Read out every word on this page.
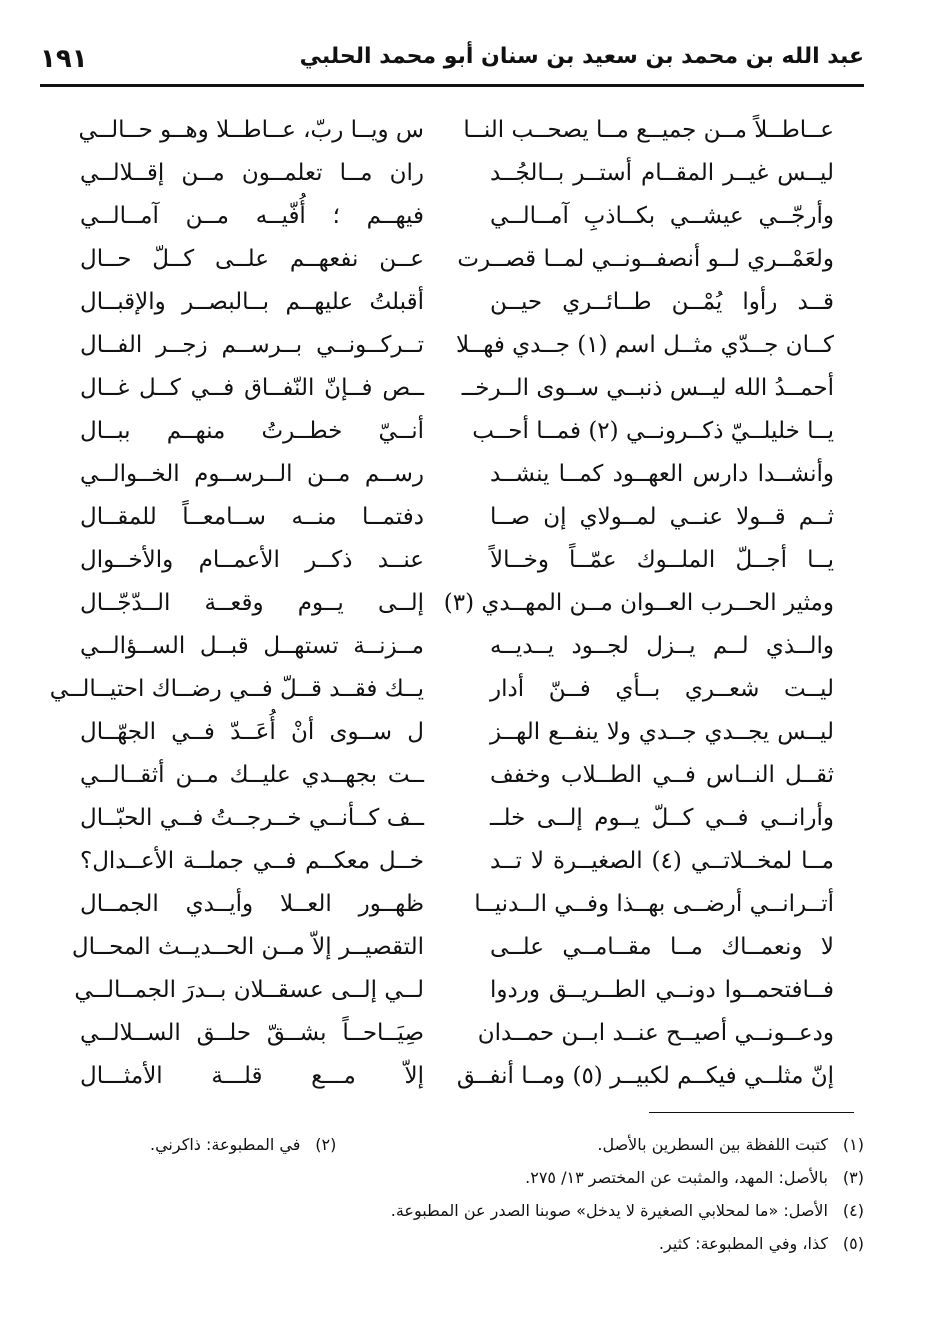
١٩١	عبد الله بن محمد بن سعيد بن سنان أبو محمد الحلبي
عــاطــلاً مــن جميــع مــا يصحــب النــا
س ويــا ربّ، عــاطــلا وهــو حــالــي
ليــس غيــر المقــام أستــر بــالجُــد
ران مــا تعلمــون مــن إقــلالــي
وأرجّــي عيشــي بكــاذبِ آمــالــي
فيهــم ؛ أُفّيــه مــن آمــالــي
ولعَمْــري لــو أنصفــونــي لمــا قصــرت
عــن نفعهــم علــى كــلّ حــال
قــد رأوا يُمْــن طــائــري حيــن
أقبلتُ عليهــم بــالبصــر والإقبــال
كــان جــدّي مثــل اسم (١) جــدي فهــلا
تــركــونــي بــرســم زجــر الفــال
أحمــدُ الله ليــس ذنبــي ســوى الــرخــ
ــص فــإنّ النّفــاق فــي كــل غــال
يــا خليلــيّ ذكــرونــي (٢) فمــا أحــب
أنــيّ خطــرتُ منهــم ببــال
وأنشــدا دارس العهــود كمــا ينشــد
رســم مــن الــرســوم الخــوالــي
ثــم قــولا عنــي لمــولاي إن صــا
دفتمــا منــه ســامعــاً للمقــال
يــا أجــلّ الملــوك عمّــاً وخــالاً
عنــد ذكــر الأعمــام والأخــوال
ومثير الحــرب العــوان مــن المهــدي (٣)
إلــى يــوم وقعــة الــدّجّــال
والــذي لــم يــزل لجــود يــديــه
مــزنــة تستهــل قبــل الســؤالــي
ليــت شعــري بــأي فــنّ أدار
يــك فقــد قــلّ فــي رضــاك احتيــالــي
ليــس يجــدي جــدي ولا ينفــع الهــز
ل ســوى أنْ أُعَــدّ فــي الجهّــال
ثقــل النــاس فــي الطــلاب وخفف
ــت بجهــدي عليــك مــن أثقــالــي
وأرانــي فــي كــلّ يــوم إلــى خلــ
ــف كــأنــي خــرجــتُ فــي الحبّــال
مــا لمخــلاتــي (٤) الصغيــرة لا تــد
خــل معكــم فــي جملــة الأعــدال؟
أتــرانــي أرضــى بهــذا وفــي الــدنيــا
ظهــور العــلا وأيــدي الجمــال
لا ونعمــاك مــا مقــامــي علــى
التقصيــر إلاّ مــن الحــديــث المحــال
فــافتحمــوا دونــي الطــريــق وردوا
لــي إلــى عسقــلان بــدرَ الجمــالــي
ودعــونــي أصيــح عنــد ابــن حمــدان
صِيَــاحــاً بشــقّ حلــق الســلالــي
إنّ مثلــي فيكــم لكبيــر (٥) ومــا أنفــق
إلاّ مـــع قلـــة الأمثـــال
(١)كتبت اللفظة بين السطرين بالأصل.
(٢)في المطبوعة: ذاكرني.
(٣)بالأصل: المهد، والمثبت عن المختصر ١٣/ ٢٧٥.
(٤)الأصل: «ما لمحلابي الصغيرة لا يدخل» صوبنا الصدر عن المطبوعة.
(٥)كذا، وفي المطبوعة: كثير.
